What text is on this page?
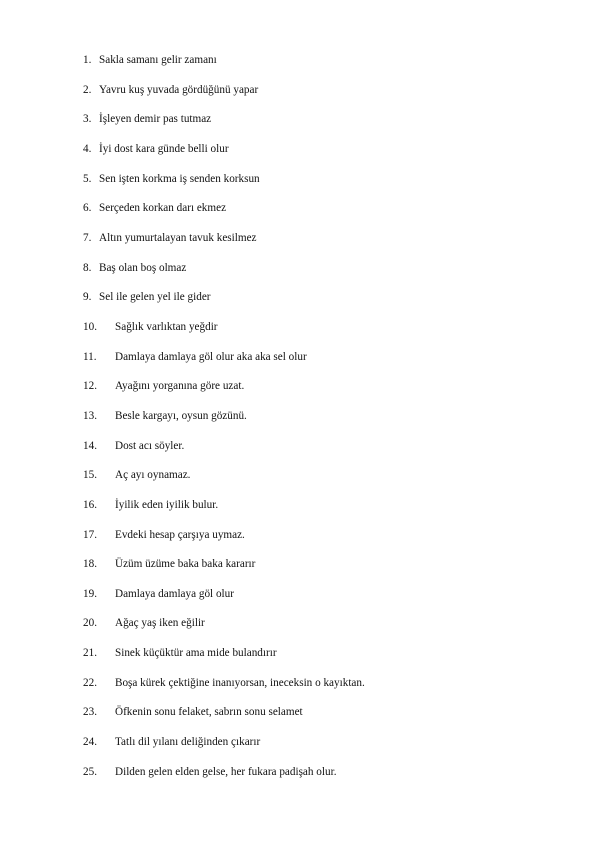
1. Sakla samanı gelir zamanı
2. Yavru kuş yuvada gördüğünü yapar
3. İşleyen demir pas tutmaz
4. İyi dost kara günde belli olur
5. Sen işten korkma iş senden korksun
6. Serçeden korkan darı ekmez
7. Altın yumurtalayan tavuk kesilmez
8. Baş olan boş olmaz
9. Sel ile gelen yel ile gider
10. Sağlık varlıktan yeğdir
11. Damlaya damlaya göl olur aka aka sel olur
12. Ayağını yorganına göre uzat.
13. Besle kargayı, oysun gözünü.
14. Dost acı söyler.
15. Aç ayı oynamaz.
16. İyilik eden iyilik bulur.
17. Evdeki hesap çarşıya uymaz.
18. Üzüm üzüme baka baka kararır
19. Damlaya damlaya göl olur
20. Ağaç yaş iken eğilir
21. Sinek küçüktür ama mide bulandırır
22. Boşa kürek çektiğine inanıyorsan, ineceksin o kayıktan.
23. Öfkenin sonu felaket, sabrın sonu selamet
24. Tatlı dil yılanı deliğinden çıkarır
25. Dilden gelen elden gelse, her fukara padişah olur.
